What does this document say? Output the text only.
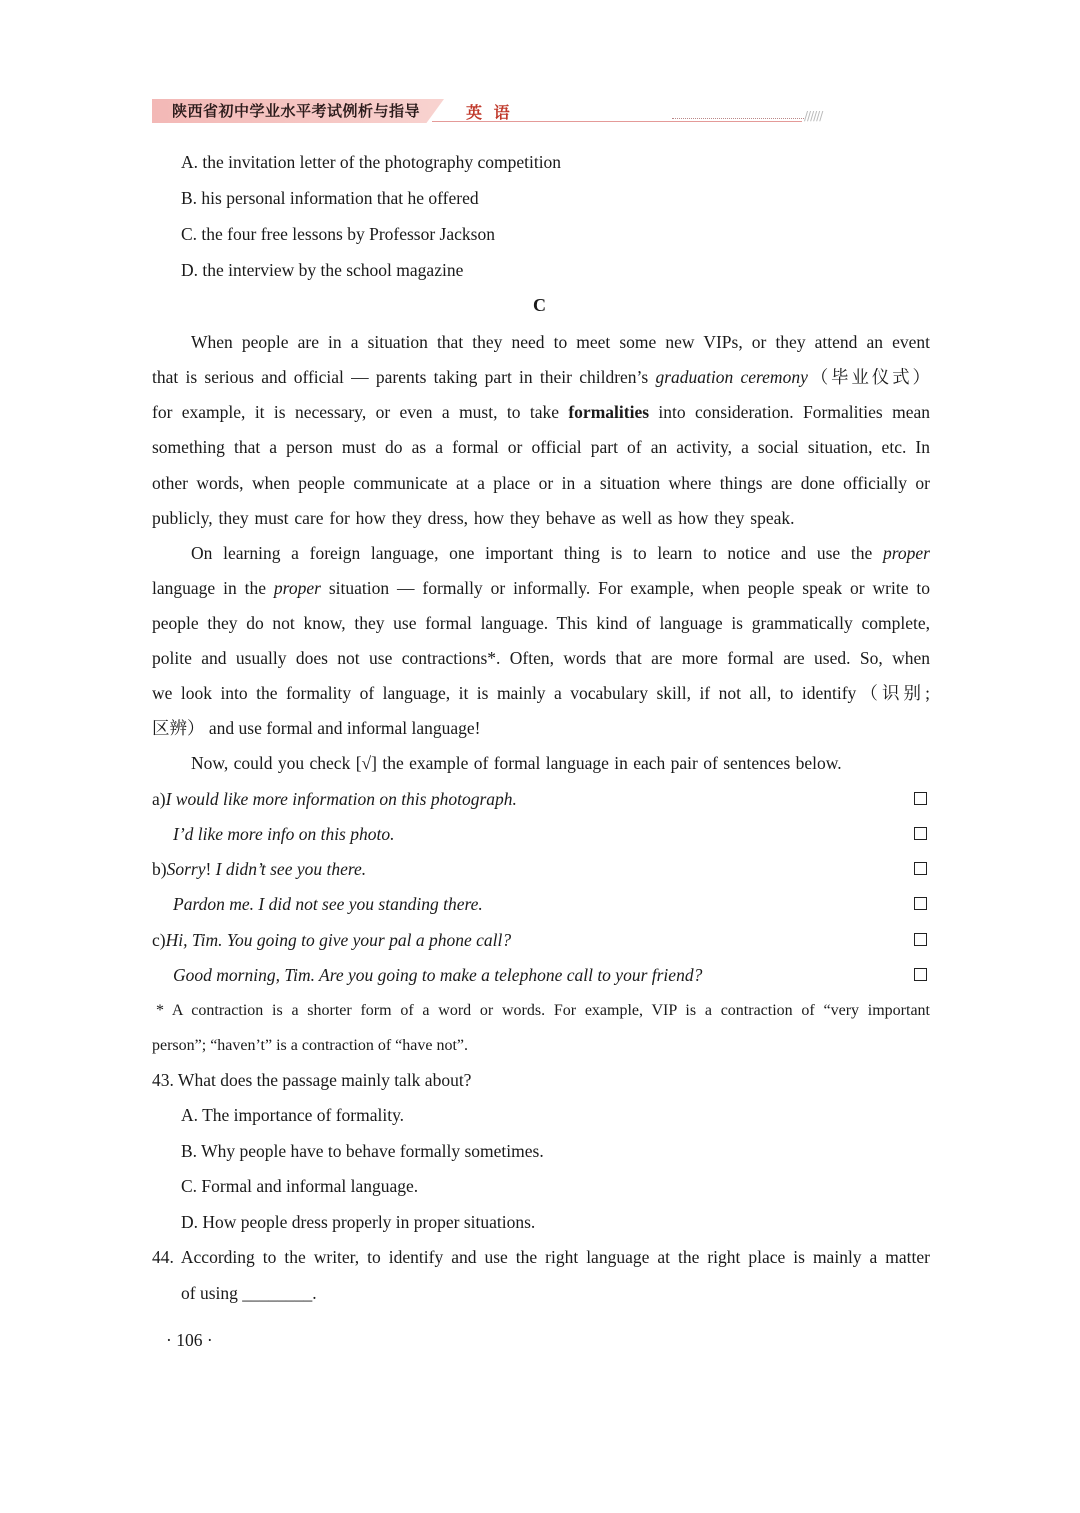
陕西省初中学业水平考试例析与指导	英 语	//////
A. the invitation letter of the photography competition
B. his personal information that he offered
C. the four free lessons by Professor Jackson
D. the interview by the school magazine
C
When people are in a situation that they need to meet some new VIPs, or they attend an event
that is serious and official — parents taking part in their children’s graduation ceremony（毕业仪式）
for example, it is necessary, or even a must, to take formalities into consideration. Formalities mean
something that a person must do as a formal or official part of an activity, a social situation, etc. In
other words, when people communicate at a place or in a situation where things are done officially or
publicly, they must care for how they dress, how they behave as well as how they speak.
On learning a foreign language, one important thing is to learn to notice and use the proper
language in the proper situation — formally or informally. For example, when people speak or write to
people they do not know, they use formal language. This kind of language is grammatically complete,
polite and usually does not use contractions*. Often, words that are more formal are used. So, when
we look into the formality of language, it is mainly a vocabulary skill, if not all, to identify（识别;
区辨） and use formal and informal language!
Now, could you check [√] the example of formal language in each pair of sentences below.
a)I would like more information on this photograph.
I’d like more info on this photo.
b)Sorry! I didn’t see you there.
Pardon me. I did not see you standing there.
c)Hi, Tim. You going to give your pal a phone call?
Good morning, Tim. Are you going to make a telephone call to your friend?
* A contraction is a shorter form of a word or words. For example, VIP is a contraction of “very important
person”; “haven’t” is a contraction of “have not”.
43. What does the passage mainly talk about?
A. The importance of formality.
B. Why people have to behave formally sometimes.
C. Formal and informal language.
D. How people dress properly in proper situations.
44. According to the writer, to identify and use the right language at the right place is mainly a matter
of using ________.
· 106 ·
